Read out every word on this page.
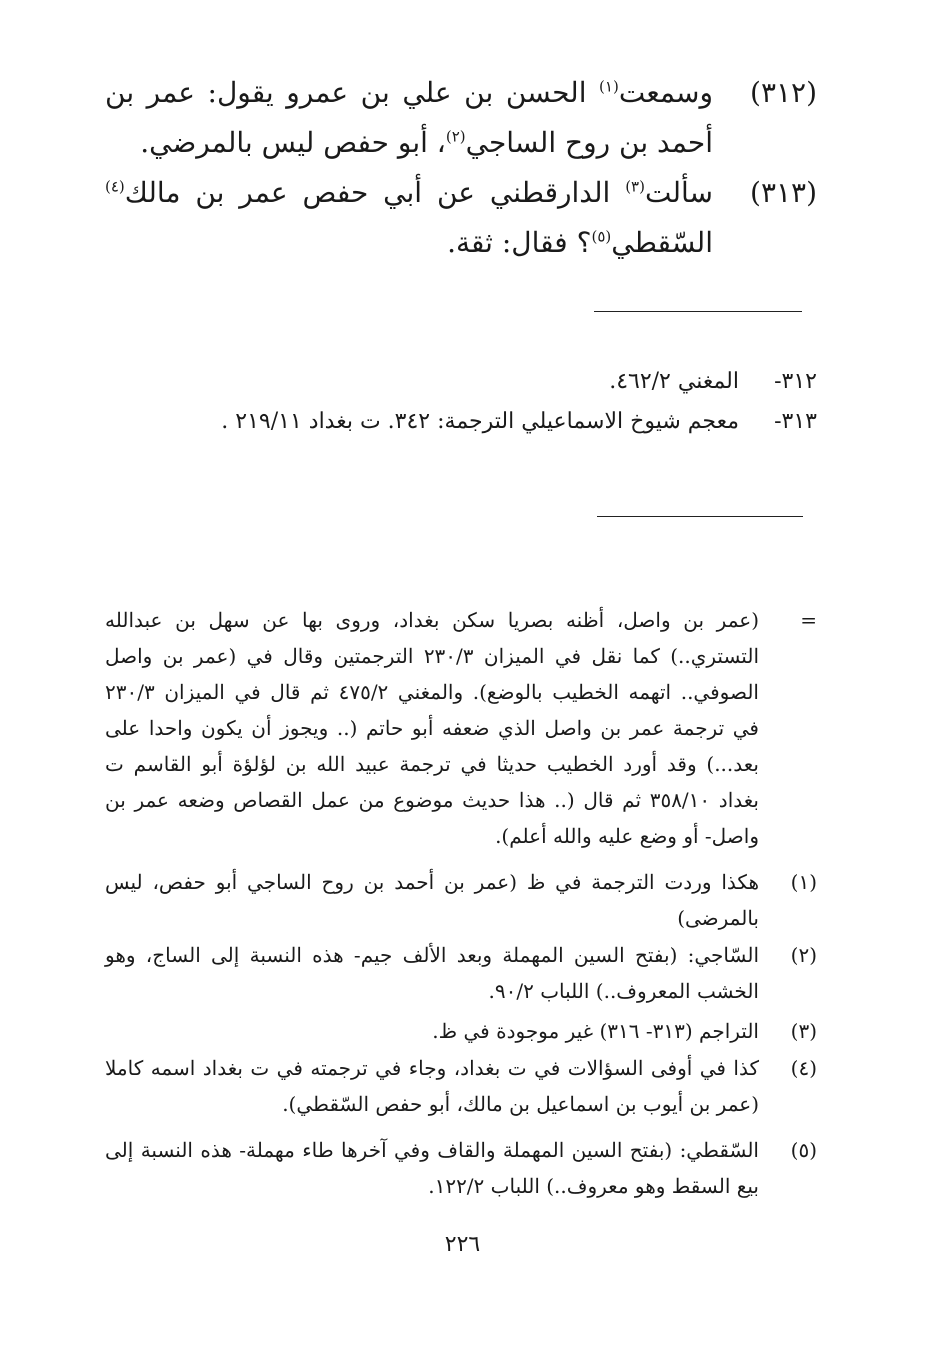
(٣١٢)
وسمعت$^{(١)}$ الحسن بن علي بن عمرو يقول: عمر بن أحمد بن روح الساجي$^{(٢)}$، أبو حفص ليس بالمرضي.
(٣١٣)
سألت$^{(٣)}$ الدارقطني عن أبي حفص عمر بن مالك$^{(٤)}$ السّقطي$^{(٥)}$؟ فقال: ثقة.
٣١٢-
المغني ٤٦٢/٢.
٣١٣-
معجم شيوخ الاسماعيلي الترجمة: ٣٤٢. ت بغداد ٢١٩/١١ .
=
(عمر بن واصل، أظنه بصريا سكن بغداد، وروى بها عن سهل بن عبدالله التستري..) كما نقل في الميزان ٢٣٠/٣ الترجمتين وقال في (عمر بن واصل الصوفي.. اتهمه الخطيب بالوضع). والمغني ٤٧٥/٢ ثم قال في الميزان ٢٣٠/٣ في ترجمة عمر بن واصل الذي ضعفه أبو حاتم (.. ويجوز أن يكون واحدا على بعد...) وقد أورد الخطيب حديثا في ترجمة عبيد الله بن لؤلؤة أبو القاسم ت بغداد ٣٥٨/١٠ ثم قال (.. هذا حديث موضوع من عمل القصاص وضعه عمر بن واصل- أو وضع عليه والله أعلم).
(١)
هكذا وردت الترجمة في ظ (عمر بن أحمد بن روح الساجي أبو حفص، ليس بالمرضى)
(٢)
السّاجي: (بفتح السين المهملة وبعد الألف جيم- هذه النسبة إلى الساج، وهو الخشب المعروف..) اللباب ٩٠/٢.
(٣)
التراجم (٣١٣- ٣١٦) غير موجودة في ظ.
(٤)
كذا في أوفى السؤالات في ت بغداد، وجاء في ترجمته في ت بغداد اسمه كاملا (عمر بن أيوب بن اسماعيل بن مالك، أبو حفص السّقطي).
(٥)
السّقطي: (بفتح السين المهملة والقاف وفي آخرها طاء مهملة- هذه النسبة إلى بيع السقط وهو معروف..) اللباب ١٢٢/٢.
٢٢٦
